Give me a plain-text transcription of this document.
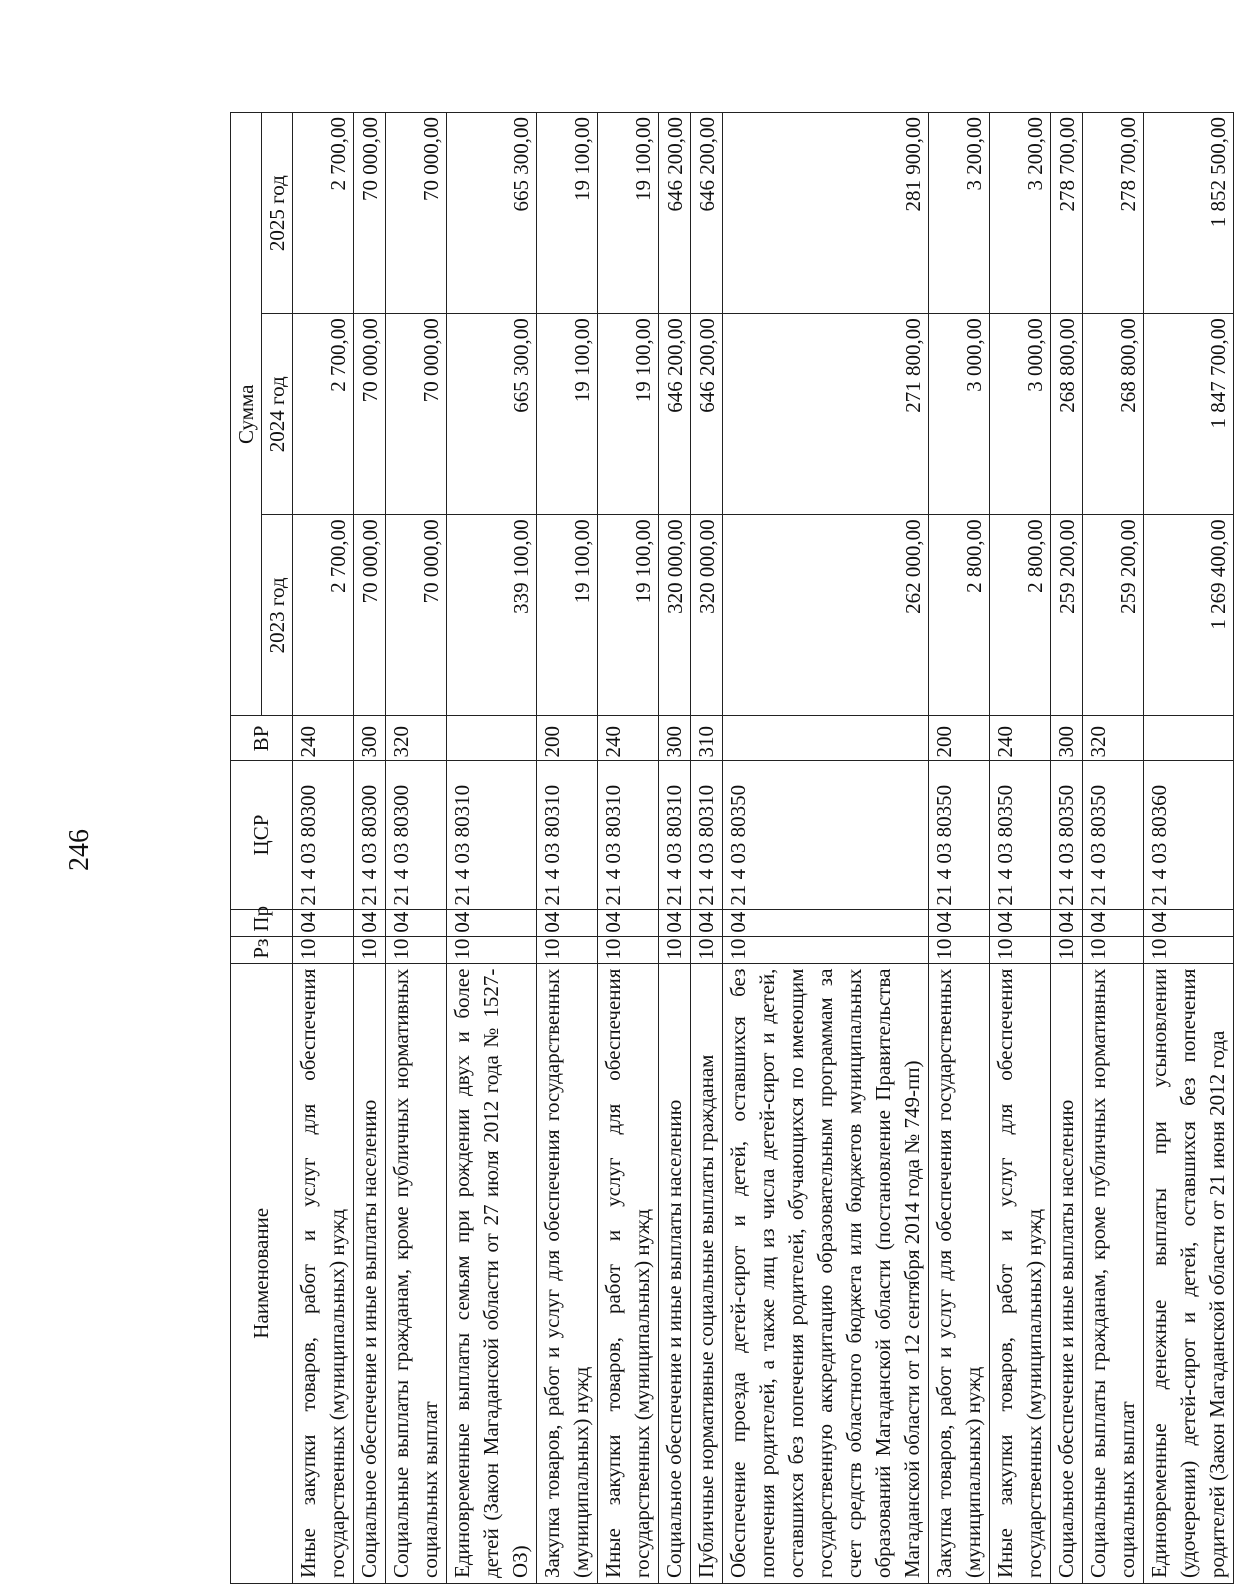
246
Наименование	Рз	Пр	ЦСР	ВР	Сумма		
					2023 год	2024 год	2025 год
Иные закупки товаров, работ и услуг для обеспечения государственных (муниципальных) нужд	10	04	21 4 03 80300	240	2 700,00	2 700,00	2 700,00
Социальное обеспечение и иные выплаты населению	10	04	21 4 03 80300	300	70 000,00	70 000,00	70 000,00
Социальные выплаты гражданам, кроме публичных нормативных социальных выплат	10	04	21 4 03 80300	320	70 000,00	70 000,00	70 000,00
Единовременные выплаты семьям при рождении двух и более детей (Закон Магаданской области от 27 июля 2012 года № 1527-ОЗ)	10	04	21 4 03 80310		339 100,00	665 300,00	665 300,00
Закупка товаров, работ и услуг для обеспечения государственных (муниципальных) нужд	10	04	21 4 03 80310	200	19 100,00	19 100,00	19 100,00
Иные закупки товаров, работ и услуг для обеспечения государственных (муниципальных) нужд	10	04	21 4 03 80310	240	19 100,00	19 100,00	19 100,00
Социальное обеспечение и иные выплаты населению	10	04	21 4 03 80310	300	320 000,00	646 200,00	646 200,00
Публичные нормативные социальные выплаты гражданам	10	04	21 4 03 80310	310	320 000,00	646 200,00	646 200,00
Обеспечение проезда детей-сирот и детей, оставшихся без попечения родителей, а также лиц из числа детей-сирот и детей, оставшихся без попечения родителей, обучающихся по имеющим государственную аккредитацию образовательным программам за счет средств областного бюджета или бюджетов муниципальных образований Магаданской области (постановление Правительства Магаданской области от 12 сентября 2014 года № 749-пп)	10	04	21 4 03 80350		262 000,00	271 800,00	281 900,00
Закупка товаров, работ и услуг для обеспечения государственных (муниципальных) нужд	10	04	21 4 03 80350	200	2 800,00	3 000,00	3 200,00
Иные закупки товаров, работ и услуг для обеспечения государственных (муниципальных) нужд	10	04	21 4 03 80350	240	2 800,00	3 000,00	3 200,00
Социальное обеспечение и иные выплаты населению	10	04	21 4 03 80350	300	259 200,00	268 800,00	278 700,00
Социальные выплаты гражданам, кроме публичных нормативных социальных выплат	10	04	21 4 03 80350	320	259 200,00	268 800,00	278 700,00
Единовременные денежные выплаты при усыновлении (удочерении) детей-сирот и детей, оставшихся без попечения родителей (Закон Магаданской области от 21 июня 2012 года	10	04	21 4 03 80360		1 269 400,00	1 847 700,00	1 852 500,00
